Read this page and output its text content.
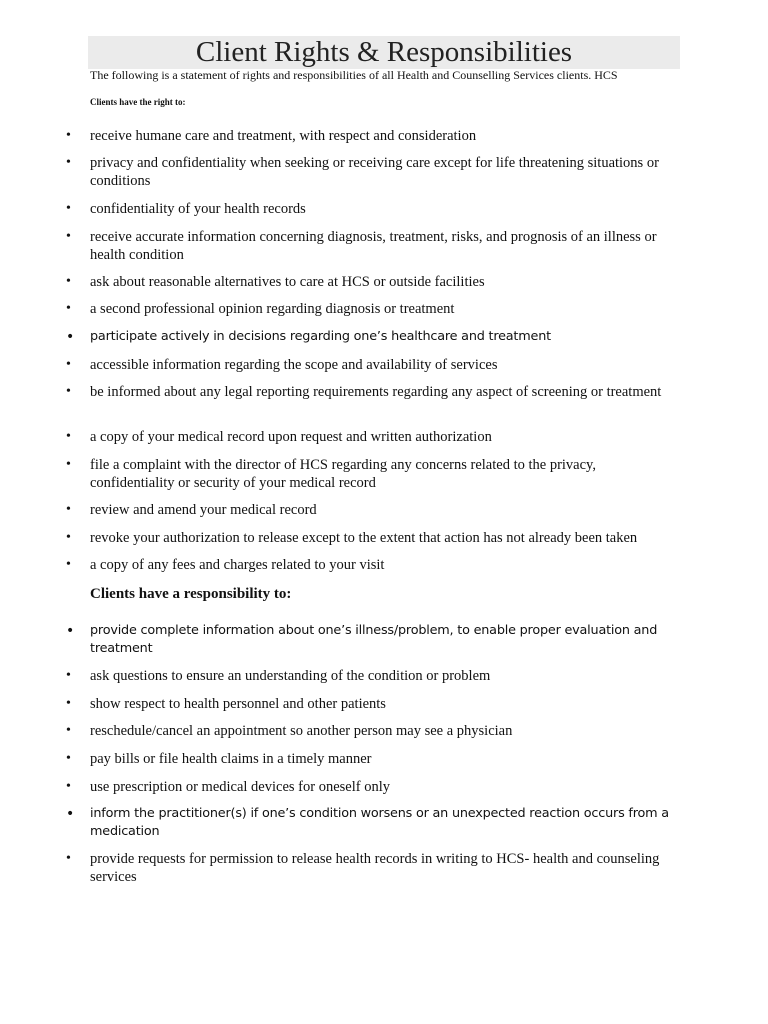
Client Rights & Responsibilities

The following is a statement of rights and responsibilities of all Health and Counselling Services clients. HCS

Clients have the right to:

• receive humane care and treatment, with respect and consideration
• privacy and confidentiality when seeking or receiving care except for life threatening situations or conditions
• confidentiality of your health records
• receive accurate information concerning diagnosis, treatment, risks, and prognosis of an illness or health condition
• ask about reasonable alternatives to care at HCS or outside facilities
• a second professional opinion regarding diagnosis or treatment
• participate actively in decisions regarding one’s healthcare and treatment
• accessible information regarding the scope and availability of services
• be informed about any legal reporting requirements regarding any aspect of screening or treatment
• a copy of your medical record upon request and written authorization
• file a complaint with the director of HCS regarding any concerns related to the privacy, confidentiality or security of your medical record
• review and amend your medical record
• revoke your authorization to release except to the extent that action has not already been taken
• a copy of any fees and charges related to your visit

Clients have a responsibility to:

• provide complete information about one’s illness/problem, to enable proper evaluation and treatment
• ask questions to ensure an understanding of the condition or problem
• show respect to health personnel and other patients
• reschedule/cancel an appointment so another person may see a physician
• pay bills or file health claims in a timely manner
• use prescription or medical devices for oneself only
• inform the practitioner(s) if one’s condition worsens or an unexpected reaction occurs from a medication
• provide requests for permission to release health records in writing to HCS- health and counseling services
